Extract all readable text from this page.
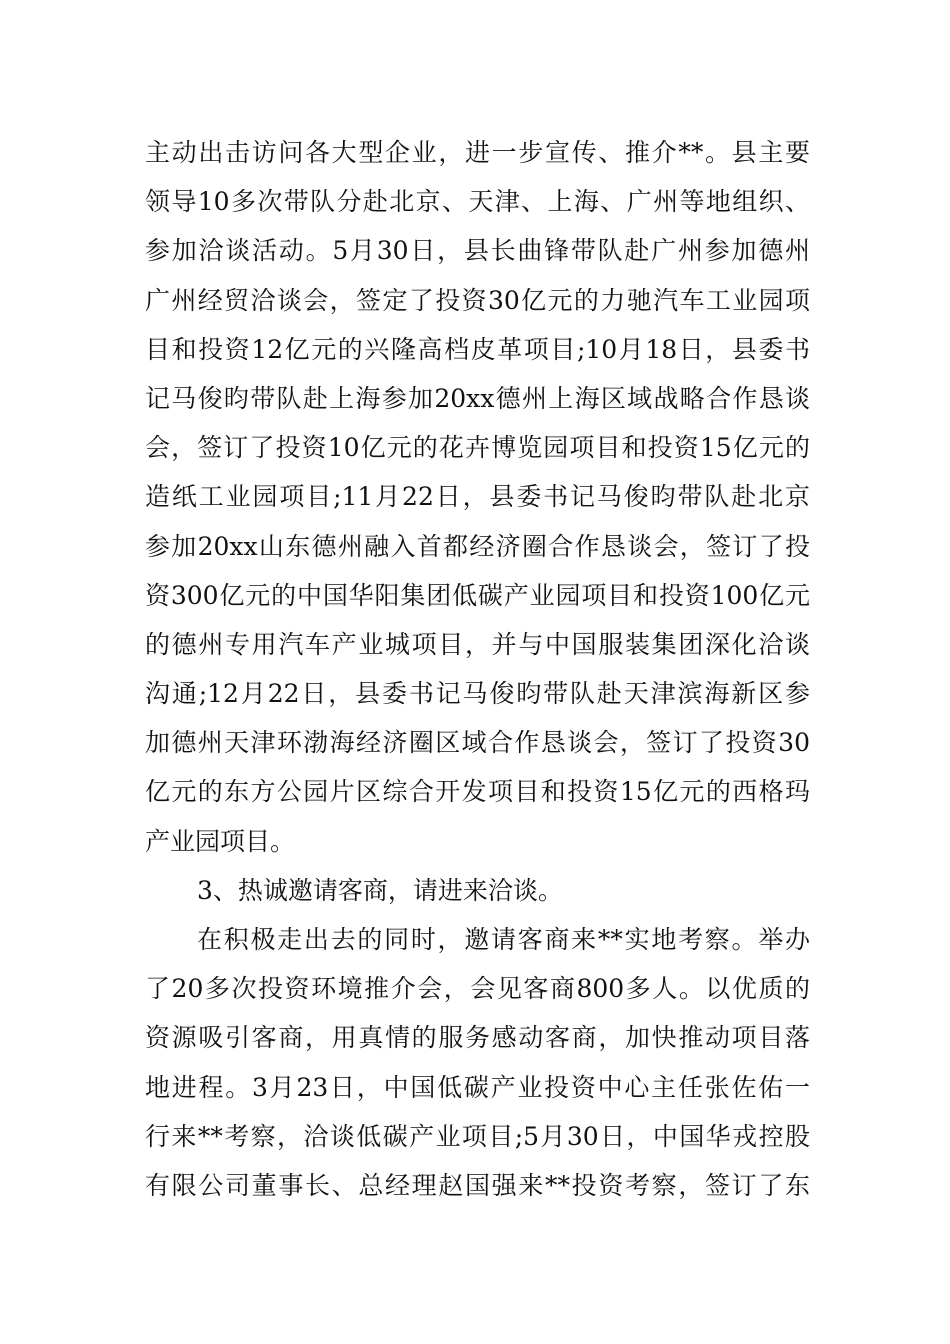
主动出击访问各大型企业，进一步宣传、推介**。县主要
领导10多次带队分赴北京、天津、上海、广州等地组织、
参加洽谈活动。5月30日，县长曲锋带队赴广州参加德州
广州经贸洽谈会，签定了投资30亿元的力驰汽车工业园项
目和投资12亿元的兴隆高档皮革项目;10月18日，县委书
记马俊昀带队赴上海参加20xx德州上海区域战略合作恳谈
会，签订了投资10亿元的花卉博览园项目和投资15亿元的
造纸工业园项目;11月22日，县委书记马俊昀带队赴北京
参加20xx山东德州融入首都经济圈合作恳谈会，签订了投
资300亿元的中国华阳集团低碳产业园项目和投资100亿元
的德州专用汽车产业城项目，并与中国服装集团深化洽谈
沟通;12月22日，县委书记马俊昀带队赴天津滨海新区参
加德州天津环渤海经济圈区域合作恳谈会，签订了投资30
亿元的东方公园片区综合开发项目和投资15亿元的西格玛
产业园项目。
3、热诚邀请客商，请进来洽谈。
在积极走出去的同时，邀请客商来**实地考察。举办
了20多次投资环境推介会，会见客商800多人。以优质的
资源吸引客商，用真情的服务感动客商，加快推动项目落
地进程。3月23日，中国低碳产业投资中心主任张佐佑一
行来**考察，洽谈低碳产业项目;5月30日，中国华戎控股
有限公司董事长、总经理赵国强来**投资考察，签订了东
